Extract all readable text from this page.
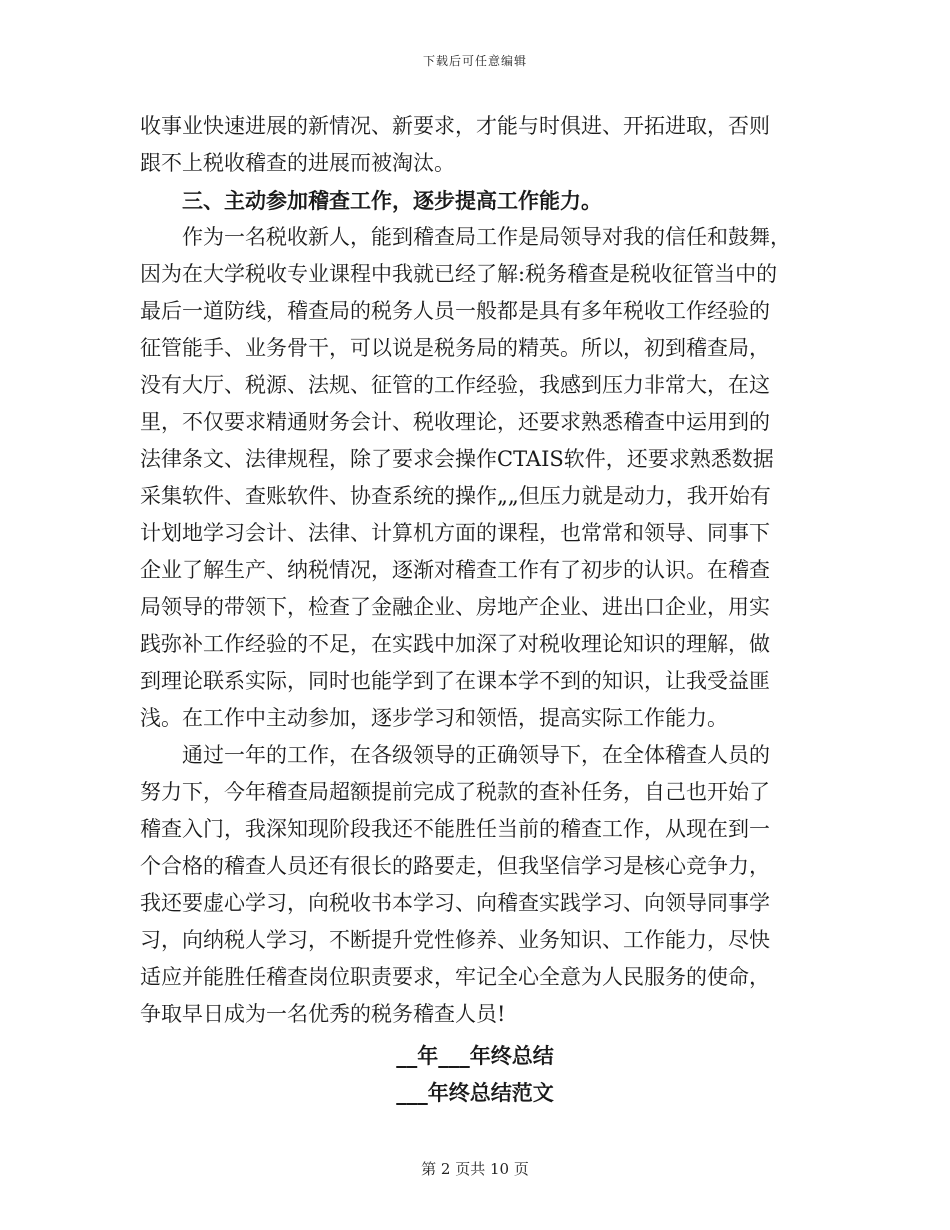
下载后可任意编辑
收事业快速进展的新情况、新要求，才能与时俱进、开拓进取，否则
跟不上税收稽查的进展而被淘汰。
三、主动参加稽查工作，逐步提高工作能力。
作为一名税收新人，能到稽查局工作是局领导对我的信任和鼓舞，
因为在大学税收专业课程中我就已经了解:税务稽查是税收征管当中的
最后一道防线，稽查局的税务人员一般都是具有多年税收工作经验的
征管能手、业务骨干，可以说是税务局的精英。所以，初到稽查局，
没有大厅、税源、法规、征管的工作经验，我感到压力非常大，在这
里，不仅要求精通财务会计、税收理论，还要求熟悉稽查中运用到的
法律条文、法律规程，除了要求会操作CTAIS软件，还要求熟悉数据
采集软件、查账软件、协查系统的操作„„但压力就是动力，我开始有
计划地学习会计、法律、计算机方面的课程，也常常和领导、同事下
企业了解生产、纳税情况，逐渐对稽查工作有了初步的认识。在稽查
局领导的带领下，检查了金融企业、房地产企业、进出口企业，用实
践弥补工作经验的不足，在实践中加深了对税收理论知识的理解，做
到理论联系实际，同时也能学到了在课本学不到的知识，让我受益匪
浅。在工作中主动参加，逐步学习和领悟，提高实际工作能力。
通过一年的工作，在各级领导的正确领导下，在全体稽查人员的
努力下，今年稽查局超额提前完成了税款的查补任务，自己也开始了
稽查入门，我深知现阶段我还不能胜任当前的稽查工作，从现在到一
个合格的稽查人员还有很长的路要走，但我坚信学习是核心竞争力，
我还要虚心学习，向税收书本学习、向稽查实践学习、向领导同事学
习，向纳税人学习，不断提升党性修养、业务知识、工作能力，尽快
适应并能胜任稽查岗位职责要求，牢记全心全意为人民服务的使命，
争取早日成为一名优秀的税务稽查人员!
__年___年终总结
___年终总结范文
第 2 页共 10 页
